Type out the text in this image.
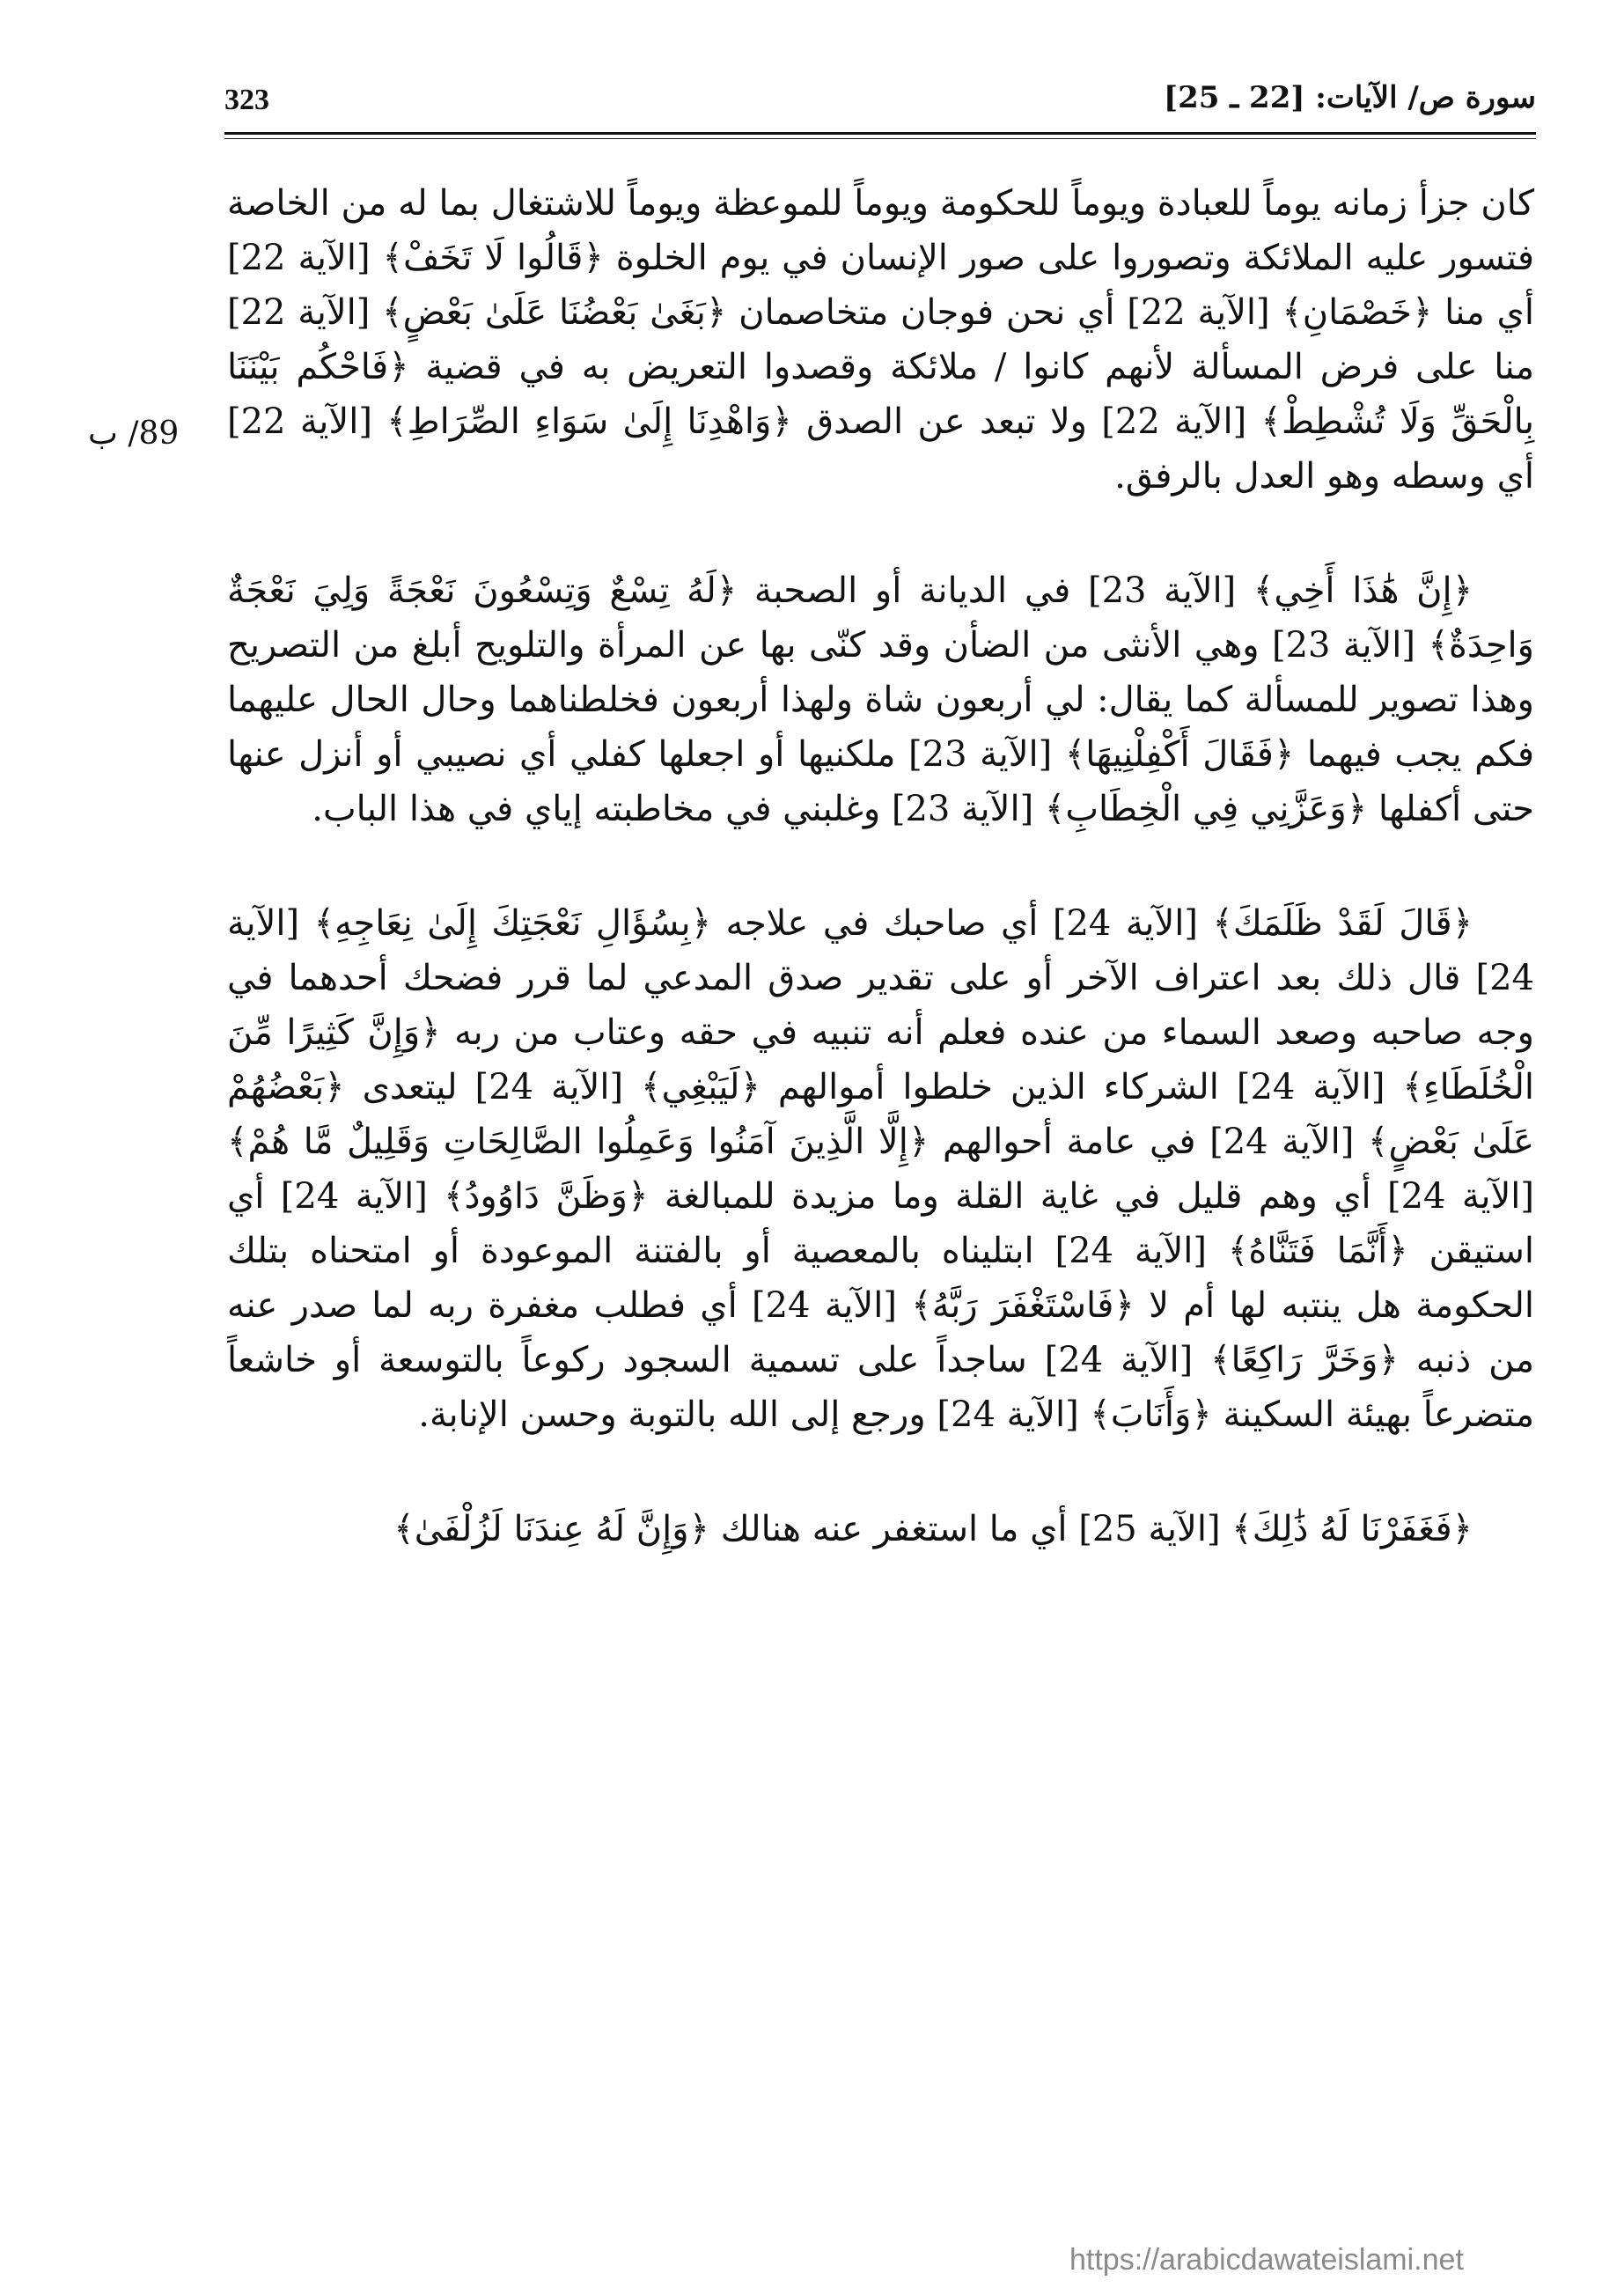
323	سورة ص/ الآيات: [22 ـ 25]
89/ ب

كان جزأ زمانه يوماً للعبادة ويوماً للحكومة ويوماً للموعظة ويوماً للاشتغال بما له من الخاصة فتسور عليه الملائكة وتصوروا على صور الإنسان في يوم الخلوة ﴿قَالُوا لَا تَخَفْ﴾ [الآية 22] أي منا ﴿خَصْمَانِ﴾ [الآية 22] أي نحن فوجان متخاصمان ﴿بَغَىٰ بَعْضُنَا عَلَىٰ بَعْضٍ﴾ [الآية 22] منا على فرض المسألة لأنهم كانوا / ملائكة وقصدوا التعريض به في قضية ﴿فَاحْكُم بَيْنَنَا بِالْحَقِّ وَلَا تُشْطِطْ﴾ [الآية 22] ولا تبعد عن الصدق ﴿وَاهْدِنَا إِلَىٰ سَوَاءِ الصِّرَاطِ﴾ [الآية 22] أي وسطه وهو العدل بالرفق.

﴿إِنَّ هَٰذَا أَخِي﴾ [الآية 23] في الديانة أو الصحبة ﴿لَهُ تِسْعٌ وَتِسْعُونَ نَعْجَةً وَلِيَ نَعْجَةٌ وَاحِدَةٌ﴾ [الآية 23] وهي الأنثى من الضأن وقد كنّى بها عن المرأة والتلويح أبلغ من التصريح وهذا تصوير للمسألة كما يقال: لي أربعون شاة ولهذا أربعون فخلطناهما وحال الحال عليهما فكم يجب فيهما ﴿فَقَالَ أَكْفِلْنِيهَا﴾ [الآية 23] ملكنيها أو اجعلها كفلي أي نصيبي أو أنزل عنها حتى أكفلها ﴿وَعَزَّنِي فِي الْخِطَابِ﴾ [الآية 23] وغلبني في مخاطبته إياي في هذا الباب.

﴿قَالَ لَقَدْ ظَلَمَكَ﴾ [الآية 24] أي صاحبك في علاجه ﴿بِسُؤَالِ نَعْجَتِكَ إِلَىٰ نِعَاجِهِ﴾ [الآية 24] قال ذلك بعد اعتراف الآخر أو على تقدير صدق المدعي لما قرر فضحك أحدهما في وجه صاحبه وصعد السماء من عنده فعلم أنه تنبيه في حقه وعتاب من ربه ﴿وَإِنَّ كَثِيرًا مِّنَ الْخُلَطَاءِ﴾ [الآية 24] الشركاء الذين خلطوا أموالهم ﴿لَيَبْغِي﴾ [الآية 24] ليتعدى ﴿بَعْضُهُمْ عَلَىٰ بَعْضٍ﴾ [الآية 24] في عامة أحوالهم ﴿إِلَّا الَّذِينَ آمَنُوا وَعَمِلُوا الصَّالِحَاتِ وَقَلِيلٌ مَّا هُمْ﴾ [الآية 24] أي وهم قليل في غاية القلة وما مزيدة للمبالغة ﴿وَظَنَّ دَاوُودُ﴾ [الآية 24] أي استيقن ﴿أَنَّمَا فَتَنَّاهُ﴾ [الآية 24] ابتليناه بالمعصية أو بالفتنة الموعودة أو امتحناه بتلك الحكومة هل ينتبه لها أم لا ﴿فَاسْتَغْفَرَ رَبَّهُ﴾ [الآية 24] أي فطلب مغفرة ربه لما صدر عنه من ذنبه ﴿وَخَرَّ رَاكِعًا﴾ [الآية 24] ساجداً على تسمية السجود ركوعاً بالتوسعة أو خاشعاً متضرعاً بهيئة السكينة ﴿وَأَنَابَ﴾ [الآية 24] ورجع إلى الله بالتوبة وحسن الإنابة.

﴿فَغَفَرْنَا لَهُ ذَٰلِكَ﴾ [الآية 25] أي ما استغفر عنه هنالك ﴿وَإِنَّ لَهُ عِندَنَا لَزُلْفَىٰ﴾

https://arabicdawateislami.net
